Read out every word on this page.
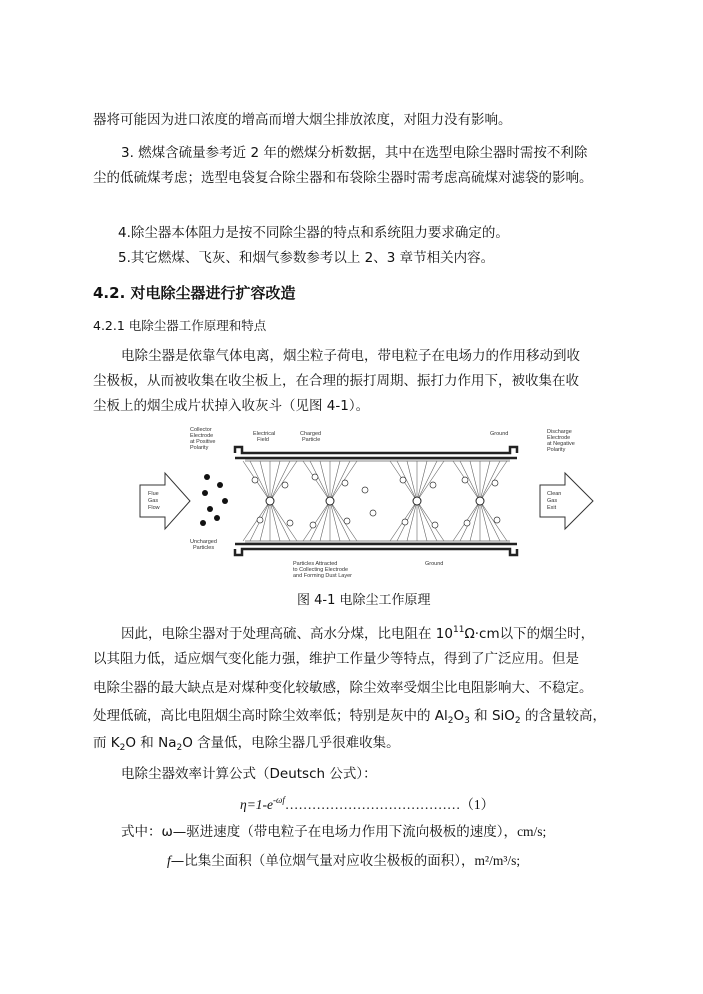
器将可能因为进口浓度的增高而增大烟尘排放浓度，对阻力没有影响。
3. 燃煤含硫量参考近 2 年的燃煤分析数据，其中在选型电除尘器时需按不利除
尘的低硫煤考虑；选型电袋复合除尘器和布袋除尘器时需考虑高硫煤对滤袋的影响。
4.除尘器本体阻力是按不同除尘器的特点和系统阻力要求确定的。
5.其它燃煤、飞灰、和烟气参数参考以上 2、3 章节相关内容。
4.2. 对电除尘器进行扩容改造
4.2.1 电除尘器工作原理和特点
电除尘器是依靠气体电离，烟尘粒子荷电，带电粒子在电场力的作用移动到收
尘极板，从而被收集在收尘板上，在合理的振打周期、振打力作用下，被收集在收
尘板上的烟尘成片状掉入收灰斗（见图 4-1）。
Collector
Electrode
at Positive
Polarity
Electrical
Field
Charged
Particle
Ground	Discharge
Electrode
at Negative
Polarity
Flue
Gas
Flow
Clean
Gas
Exit
Uncharged
Particles
Ground
Particles Attracted
to Collecting Electrode
and Forming Dust Layer
图 4-1 电除尘工作原理
因此，电除尘器对于处理高硫、高水分煤，比电阻在 $10^{11}\Omega\cdot cm$以下的烟尘时，
以其阻力低，适应烟气变化能力强，维护工作量少等特点，得到了广泛应用。但是
电除尘器的最大缺点是对煤种变化较敏感，除尘效率受烟尘比电阻影响大、不稳定。
处理低硫，高比电阻烟尘高时除尘效率低；特别是灰中的 $Al_2O_3$ 和 SiO$_2$ 的含量较高，
而 $K_2O$ 和 $Na_2O$ 含量低，电除尘器几乎很难收集。
电除尘器效率计算公式（Deutsch 公式）：
$\eta=1-e^{-\omega f}\dots\dots\dots\dots\dots\dots\dots\dots\dots\dots\dots\dots\dots(1)$
式中：ω—驱进速度（带电粒子在电场力作用下流向极板的速度），cm/s;
f—比集尘面积（单位烟气量对应收尘极板的面积），m²/m³/s;
